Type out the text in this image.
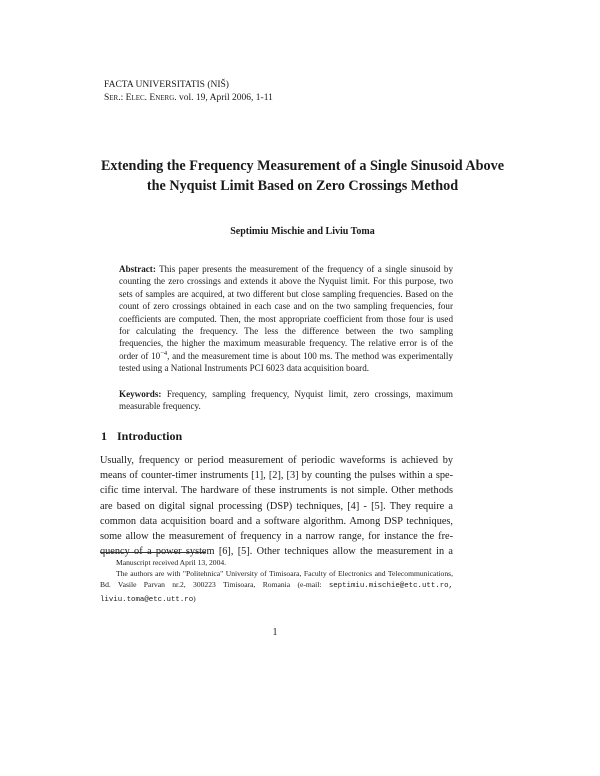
FACTA UNIVERSITATIS (NIŠ)
Ser.: Elec. Energ. vol. 19, April 2006, 1-11
Extending the Frequency Measurement of a Single Sinusoid Above the Nyquist Limit Based on Zero Crossings Method
Septimiu Mischie and Liviu Toma
Abstract: This paper presents the measurement of the frequency of a single sinusoid by counting the zero crossings and extends it above the Nyquist limit. For this purpose, two sets of samples are acquired, at two different but close sampling frequencies. Based on the count of zero crossings obtained in each case and on the two sampling frequencies, four coefficients are computed. Then, the most appropriate coefficient from those four is used for calculating the frequency. The less the difference between the two sampling frequencies, the higher the maximum measurable frequency. The relative error is of the order of $10^{-4}$, and the measurement time is about 100 ms. The method was experimentally tested using a National Instruments PCI 6023 data acquisition board.
Keywords: Frequency, sampling frequency, Nyquist limit, zero crossings, maximum measurable frequency.
1 Introduction
Usually, frequency or period measurement of periodic waveforms is achieved by
means of counter-timer instruments [1], [2], [3] by counting the pulses within a spe-
cific time interval. The hardware of these instruments is not simple. Other methods
are based on digital signal processing (DSP) techniques, [4] - [5]. They require a
common data acquisition board and a software algorithm. Among DSP techniques,
some allow the measurement of frequency in a narrow range, for instance the fre-
quency of a power system [6], [5]. Other techniques allow the measurement in a
Manuscript received April 13, 2004.
The authors are with "Politehnica" University of Timisoara, Faculty of Electronics and Telecommunications, Bd. Vasile Parvan nr.2, 300223 Timisoara, Romania (e-mail: septimiu.mischie@etc.utt.ro, liviu.toma@etc.utt.ro)
1
